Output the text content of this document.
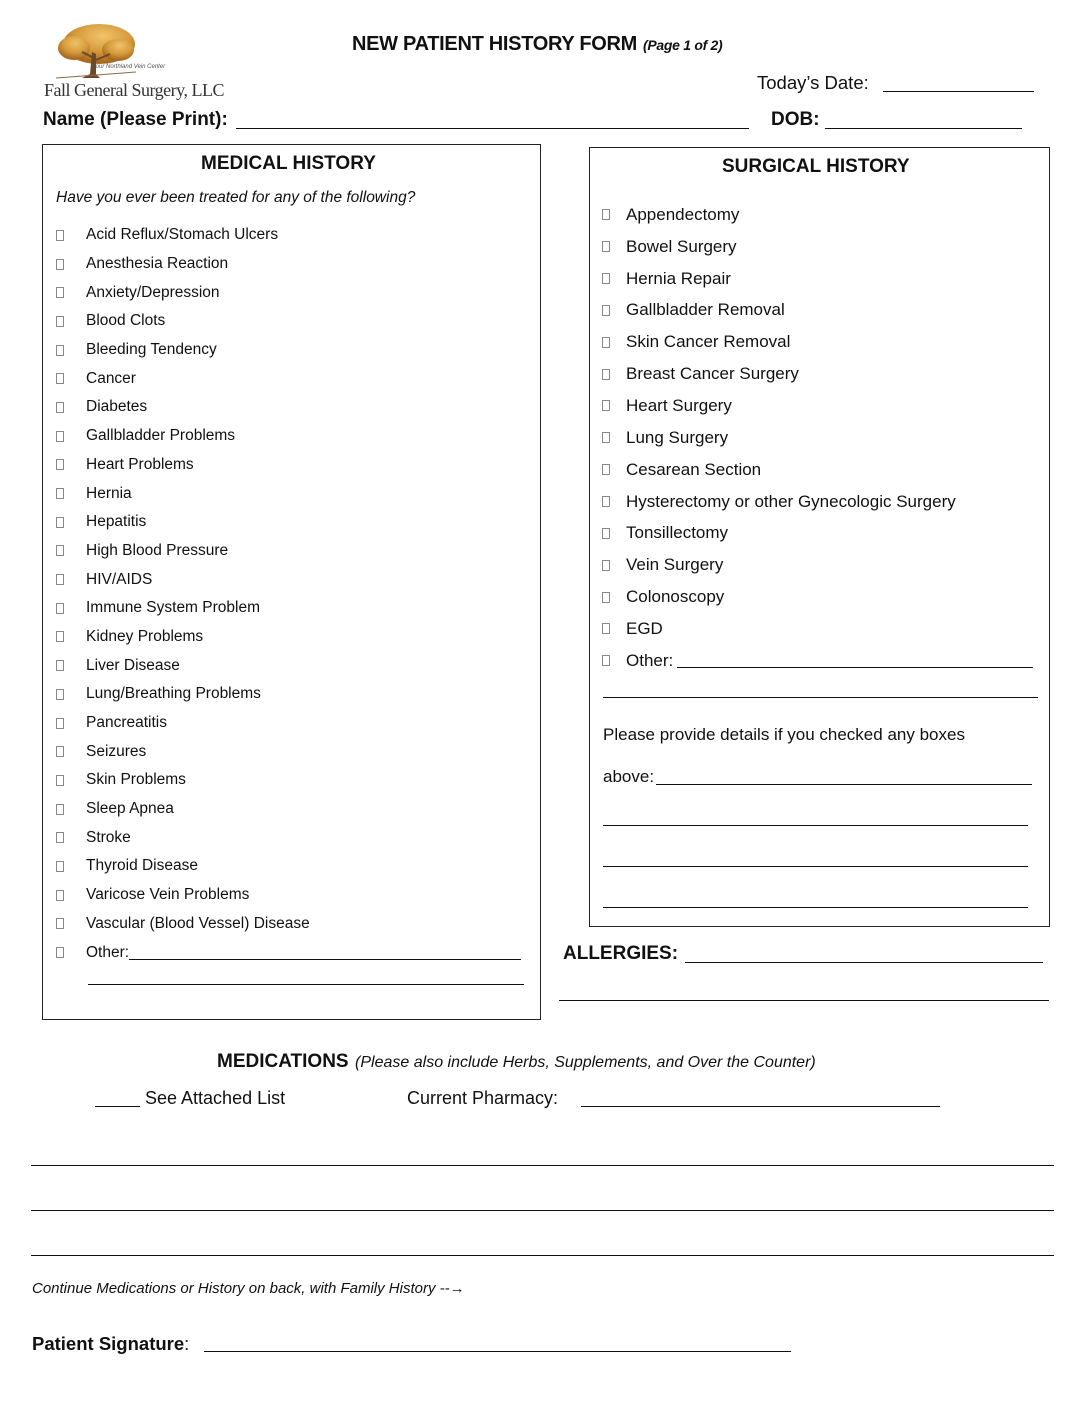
Your Northland Vein Center
Fall General Surgery, LLC
NEW PATIENT HISTORY FORM (Page 1 of 2)
Today’s Date:
Name (Please Print):	DOB:
MEDICAL HISTORY
Have you ever been treated for any of the following?
Acid Reflux/Stomach Ulcers
Anesthesia Reaction
Anxiety/Depression
Blood Clots
Bleeding Tendency
Cancer
Diabetes
Gallbladder Problems
Heart Problems
Hernia
Hepatitis
High Blood Pressure
HIV/AIDS
Immune System Problem
Kidney Problems
Liver Disease
Lung/Breathing Problems
Pancreatitis
Seizures
Skin Problems
Sleep Apnea
Stroke
Thyroid Disease
Varicose Vein Problems
Vascular (Blood Vessel) Disease
Other:
SURGICAL HISTORY
Appendectomy
Bowel Surgery
Hernia Repair
Gallbladder Removal
Skin Cancer Removal
Breast Cancer Surgery
Heart Surgery
Lung Surgery
Cesarean Section
Hysterectomy or other Gynecologic Surgery
Tonsillectomy
Vein Surgery
Colonoscopy
EGD
Other:
Please provide details if you checked any boxes
above:
ALLERGIES:
MEDICATIONS (Please also include Herbs, Supplements, and Over the Counter)
See Attached List	Current Pharmacy:
Continue Medications or History on back, with Family History --→
Patient Signature:
